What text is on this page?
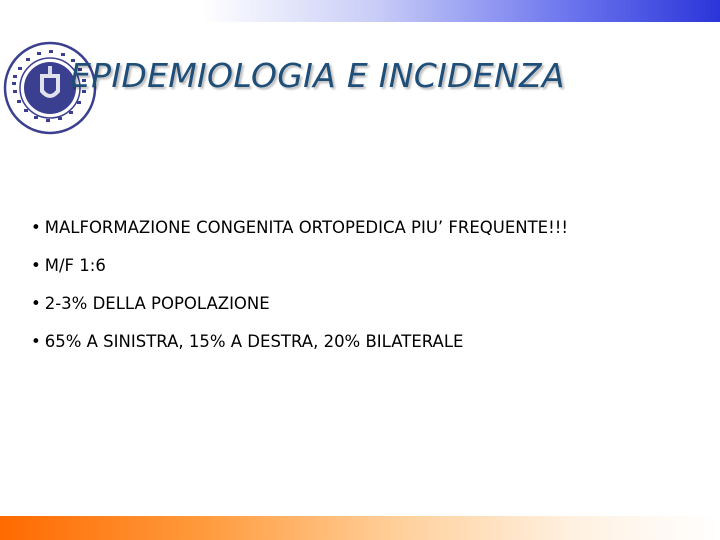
EPIDEMIOLOGIA E INCIDENZA
• MALFORMAZIONE CONGENITA ORTOPEDICA PIU’ FREQUENTE!!!
• M/F 1:6
• 2-3% DELLA POPOLAZIONE
• 65% A SINISTRA, 15% A DESTRA, 20% BILATERALE
